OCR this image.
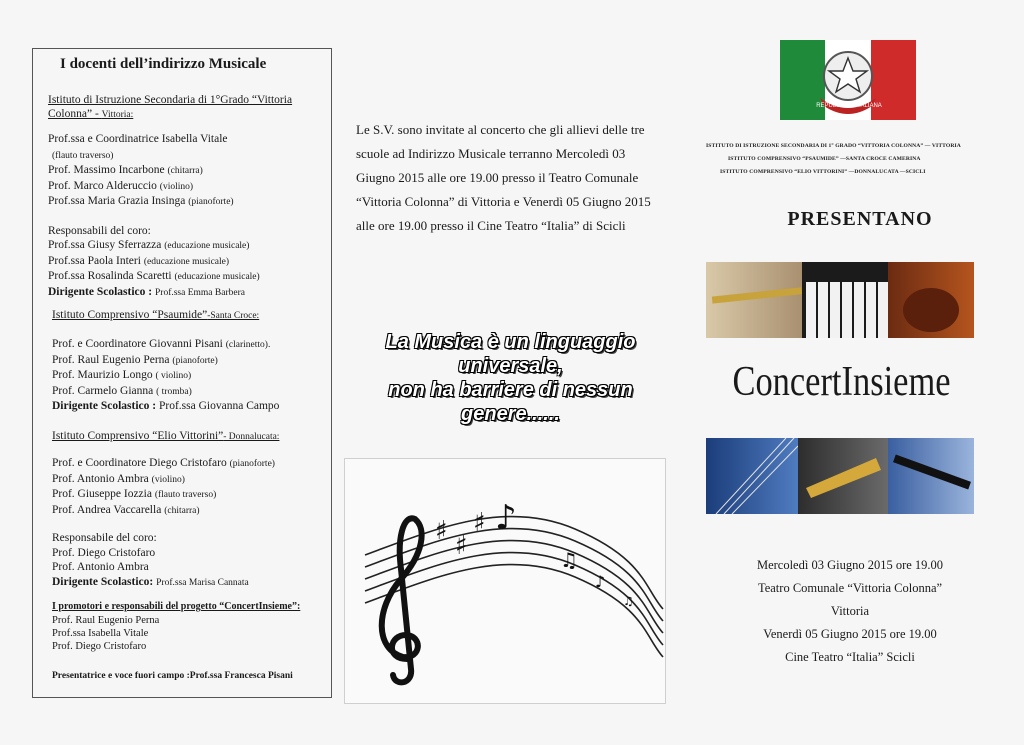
I docenti dell’indirizzo Musicale
Istituto di Istruzione Secondaria di 1°Grado “Vittoria
Colonna” - Vittoria:
Prof.ssa e Coordinatrice Isabella Vitale
(flauto traverso)
Prof. Massimo Incarbone (chitarra)
Prof. Marco Alderuccio (violino)
Prof.ssa Maria Grazia Insinga (pianoforte)
Responsabili del coro:
Prof.ssa Giusy Sferrazza (educazione musicale)
Prof.ssa Paola Interi (educazione musicale)
Prof.ssa Rosalinda Scaretti (educazione musicale)
Dirigente Scolastico : Prof.ssa Emma Barbera
Istituto Comprensivo “Psaumide”-Santa Croce:
Prof. e Coordinatore Giovanni Pisani (clarinetto).
Prof. Raul Eugenio Perna (pianoforte)
Prof. Maurizio Longo ( violino)
Prof. Carmelo Gianna ( tromba)
Dirigente Scolastico : Prof.ssa Giovanna Campo
Istituto Comprensivo “Elio Vittorini”- Donnalucata:
Prof. e Coordinatore Diego Cristofaro (pianoforte)
Prof. Antonio Ambra (violino)
Prof. Giuseppe Iozzia (flauto traverso)
Prof. Andrea Vaccarella (chitarra)
Responsabile del coro:
Prof. Diego Cristofaro
Prof. Antonio Ambra
Dirigente Scolastico: Prof.ssa Marisa Cannata
I promotori e responsabili del progetto “ConcertInsieme”:
Prof. Raul Eugenio Perna
Prof.ssa Isabella Vitale
Prof. Diego Cristofaro
Presentatrice e voce fuori campo :Prof.ssa Francesca Pisani
Le S.V. sono invitate al concerto che gli allievi delle tre scuole ad Indirizzo Musicale terranno Mercoledì 03 Giugno 2015 alle ore 19.00 presso il Teatro Comunale “Vittoria Colonna” di Vittoria e Venerdì 05 Giugno 2015 alle ore 19.00 presso il Cine Teatro “Italia” di Scicli
La Musica è un linguaggio universale,
non ha barriere di nessun genere......
♯ ♯
♯ ♪
♫
♪
♫
REPUBBLICA ITALIANA
ISTITUTO DI ISTRUZIONE SECONDARIA DI 1° GRADO “VITTORIA COLONNA” — VITTORIA
ISTITUTO COMPRENSIVO “PSAUMIDE” —SANTA CROCE CAMERINA
ISTITUTO COMPRENSIVO “ELIO VITTORINI” —DONNALUCATA —SCICLI
PRESENTANO
ConcertInsieme
Mercoledì 03 Giugno 2015 ore 19.00
Teatro Comunale “Vittoria Colonna”
Vittoria
Venerdì 05 Giugno 2015 ore 19.00
Cine Teatro “Italia” Scicli
